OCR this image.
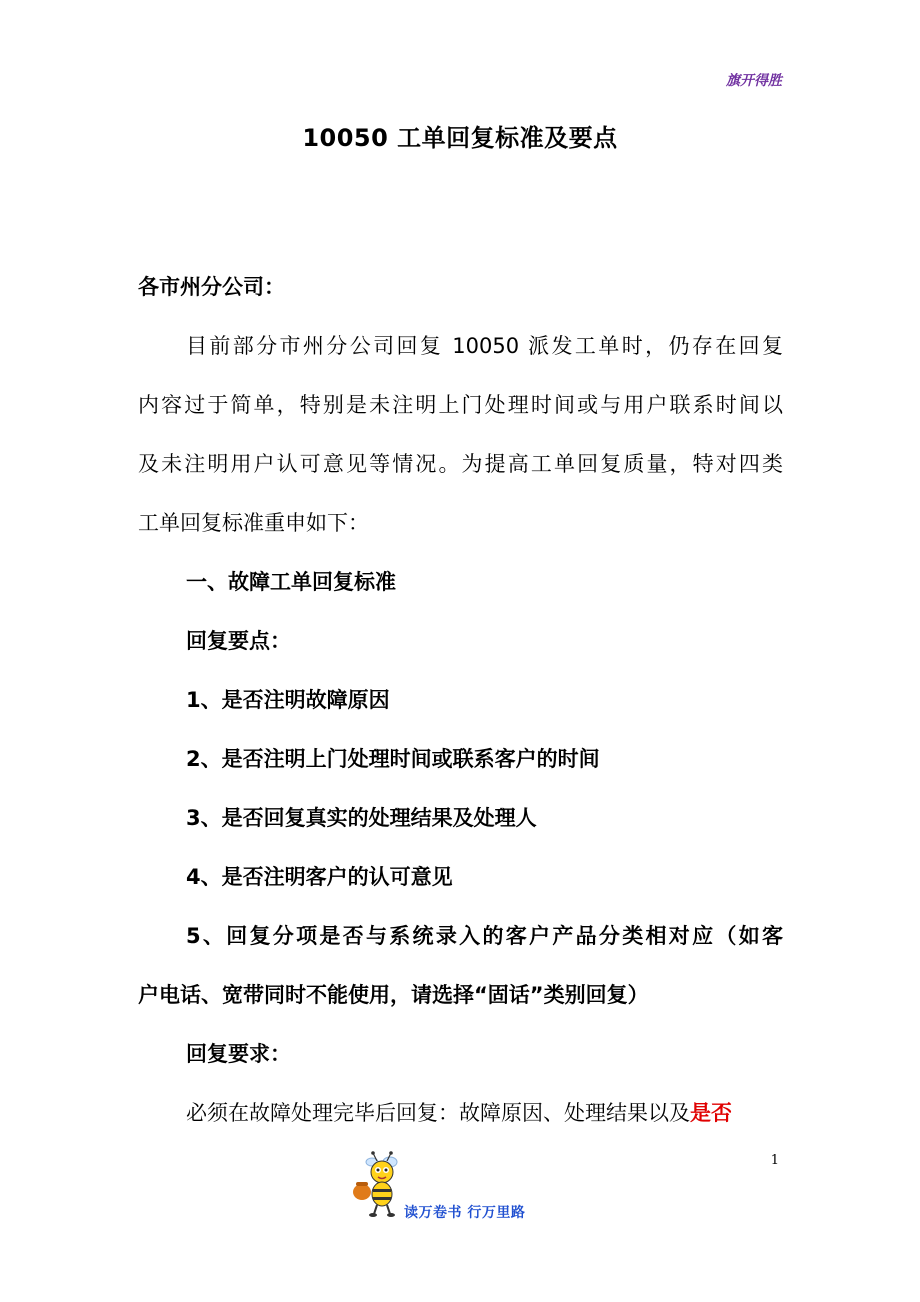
旗开得胜
10050 工单回复标准及要点
各市州分公司：
目前部分市州分公司回复 10050 派发工单时，仍存在回复
内容过于简单，特别是未注明上门处理时间或与用户联系时间以
及未注明用户认可意见等情况。为提高工单回复质量，特对四类
工单回复标准重申如下：
一、故障工单回复标准
回复要点：
1、是否注明故障原因
2、是否注明上门处理时间或联系客户的时间
3、是否回复真实的处理结果及处理人
4、是否注明客户的认可意见
5、回复分项是否与系统录入的客户产品分类相对应（如客
户电话、宽带同时不能使用，请选择“固话”类别回复）
回复要求：
必须在故障处理完毕后回复：故障原因、处理结果以及是否
1
读万卷书 行万里路
